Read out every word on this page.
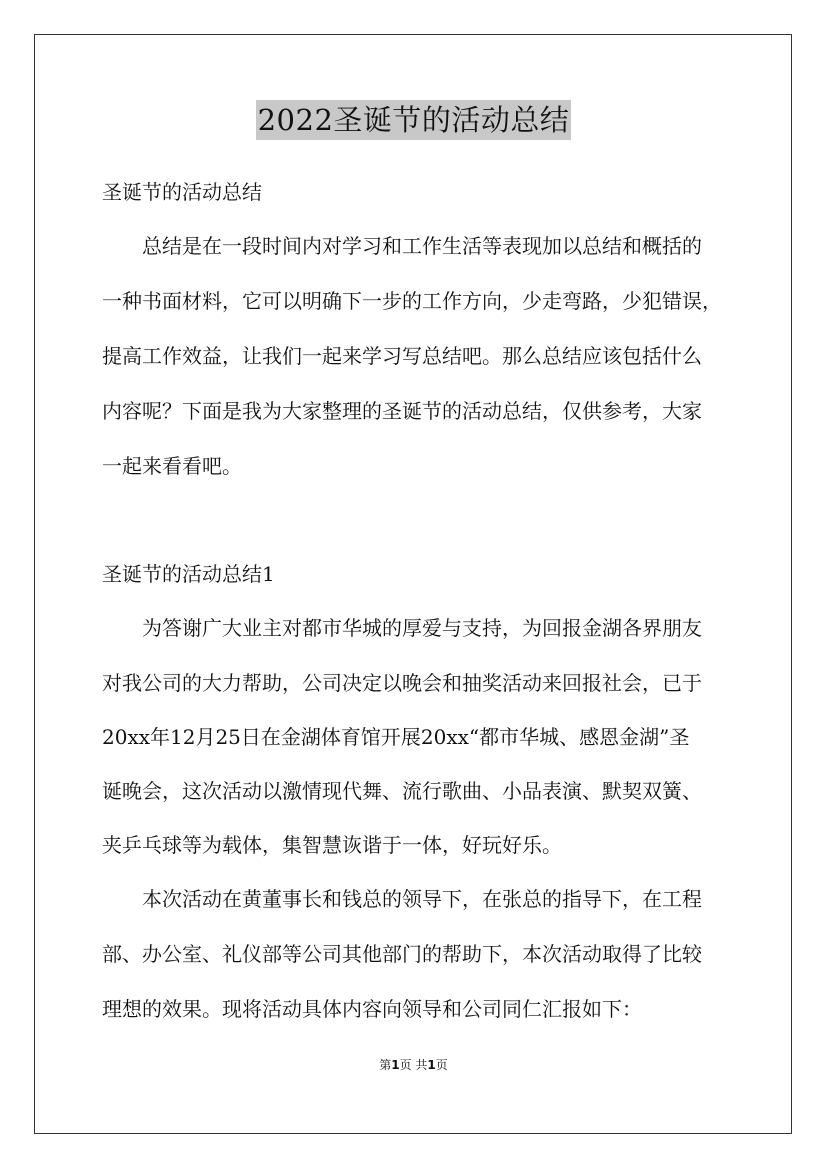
2022圣诞节的活动总结
圣诞节的活动总结
　　总结是在一段时间内对学习和工作生活等表现加以总结和概括的
一种书面材料，它可以明确下一步的工作方向，少走弯路，少犯错误，
提高工作效益，让我们一起来学习写总结吧。那么总结应该包括什么
内容呢？下面是我为大家整理的圣诞节的活动总结，仅供参考，大家
一起来看看吧。
圣诞节的活动总结1
　　为答谢广大业主对都市华城的厚爱与支持，为回报金湖各界朋友
对我公司的大力帮助，公司决定以晚会和抽奖活动来回报社会，已于
20xx年12月25日在金湖体育馆开展20xx“都市华城、感恩金湖”圣
诞晚会，这次活动以激情现代舞、流行歌曲、小品表演、默契双簧、
夹乒乓球等为载体，集智慧诙谐于一体，好玩好乐。
　　本次活动在黄董事长和钱总的领导下，在张总的指导下，在工程
部、办公室、礼仪部等公司其他部门的帮助下，本次活动取得了比较
理想的效果。现将活动具体内容向领导和公司同仁汇报如下：
第1页 共1页
